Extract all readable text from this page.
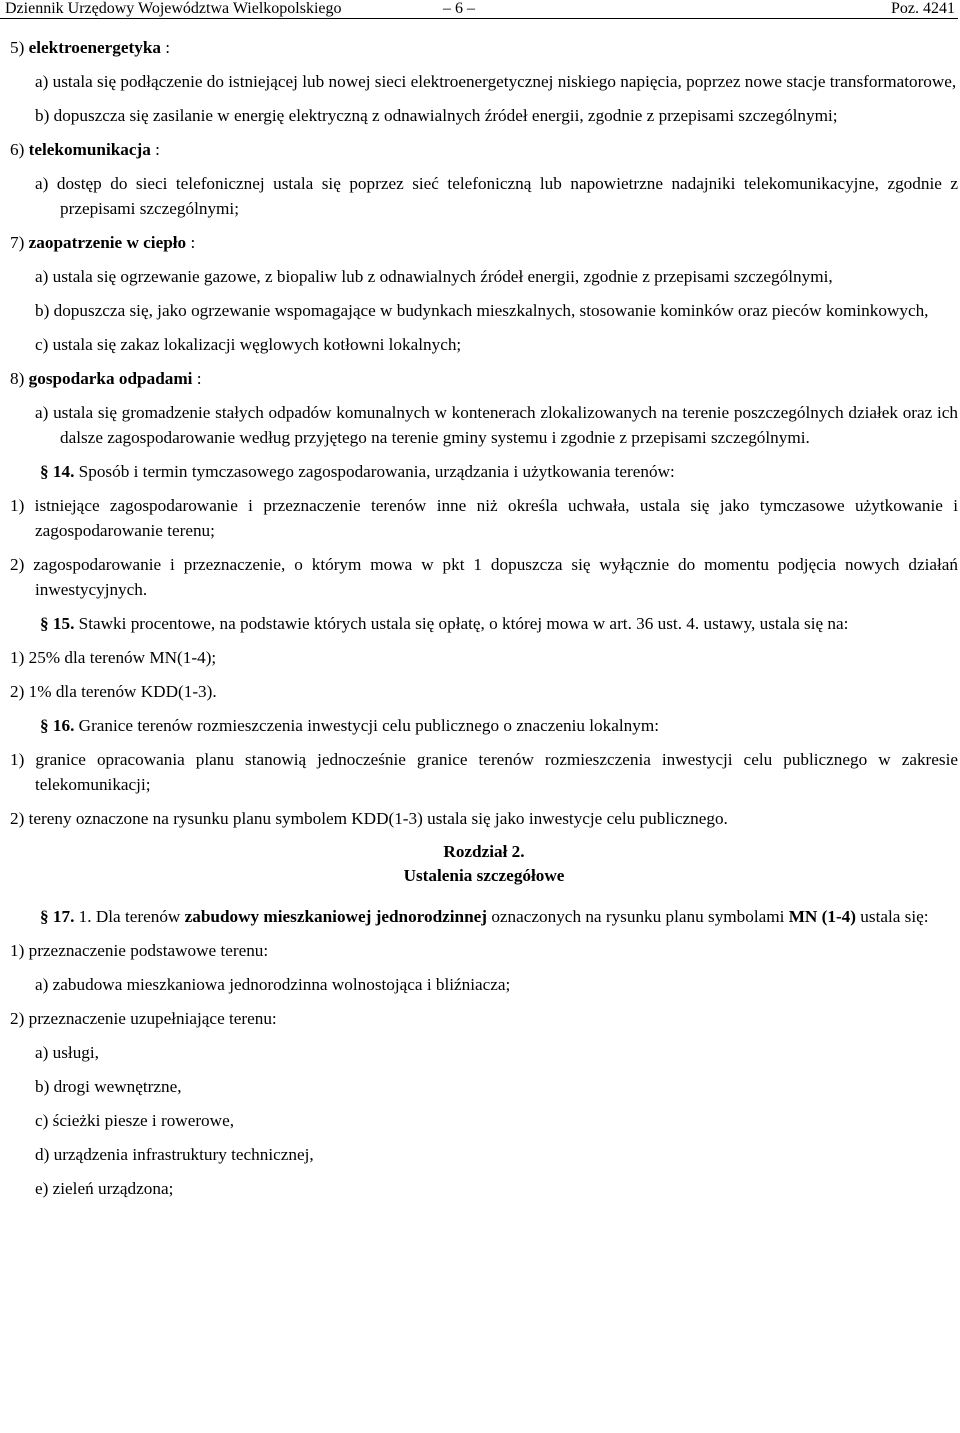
Dziennik Urzędowy Województwa Wielkopolskiego	– 6 –	Poz. 4241

5) elektroenergetyka :

a) ustala się podłączenie do istniejącej lub nowej sieci elektroenergetycznej niskiego napięcia, poprzez nowe stacje transformatorowe,

b) dopuszcza się zasilanie w energię elektryczną z odnawialnych źródeł energii, zgodnie z przepisami szczególnymi;

6) telekomunikacja :

a) dostęp do sieci telefonicznej ustala się poprzez sieć telefoniczną lub napowietrzne nadajniki telekomunikacyjne, zgodnie z przepisami szczególnymi;

7) zaopatrzenie w ciepło :

a) ustala się ogrzewanie gazowe, z biopaliw lub z odnawialnych źródeł energii, zgodnie z przepisami szczególnymi,

b) dopuszcza się, jako ogrzewanie wspomagające w budynkach mieszkalnych, stosowanie kominków oraz pieców kominkowych,

c) ustala się zakaz lokalizacji węglowych kotłowni lokalnych;

8) gospodarka odpadami :

a) ustala się gromadzenie stałych odpadów komunalnych w kontenerach zlokalizowanych na terenie poszczególnych działek oraz ich dalsze zagospodarowanie według przyjętego na terenie gminy systemu i zgodnie z przepisami szczególnymi.

§ 14. Sposób i termin tymczasowego zagospodarowania, urządzania i użytkowania terenów:

1) istniejące zagospodarowanie i przeznaczenie terenów inne niż określa uchwała, ustala się jako tymczasowe użytkowanie i zagospodarowanie terenu;

2) zagospodarowanie i przeznaczenie, o którym mowa w pkt 1 dopuszcza się wyłącznie do momentu podjęcia nowych działań inwestycyjnych.

§ 15. Stawki procentowe, na podstawie których ustala się opłatę, o której mowa w art. 36 ust. 4. ustawy, ustala się na:

1) 25% dla terenów MN(1-4);

2) 1% dla terenów KDD(1-3).

§ 16. Granice terenów rozmieszczenia inwestycji celu publicznego o znaczeniu lokalnym:

1) granice opracowania planu stanowią jednocześnie granice terenów rozmieszczenia inwestycji celu publicznego w zakresie telekomunikacji;

2) tereny oznaczone na rysunku planu symbolem KDD(1-3) ustala się jako inwestycje celu publicznego.

Rozdział 2.
Ustalenia szczegółowe

§ 17. 1. Dla terenów zabudowy mieszkaniowej jednorodzinnej oznaczonych na rysunku planu symbolami MN (1-4) ustala się:

1) przeznaczenie podstawowe terenu:

a) zabudowa mieszkaniowa jednorodzinna wolnostojąca i bliźniacza;

2) przeznaczenie uzupełniające terenu:

a) usługi,

b) drogi wewnętrzne,

c) ścieżki piesze i rowerowe,

d) urządzenia infrastruktury technicznej,

e) zieleń urządzona;
